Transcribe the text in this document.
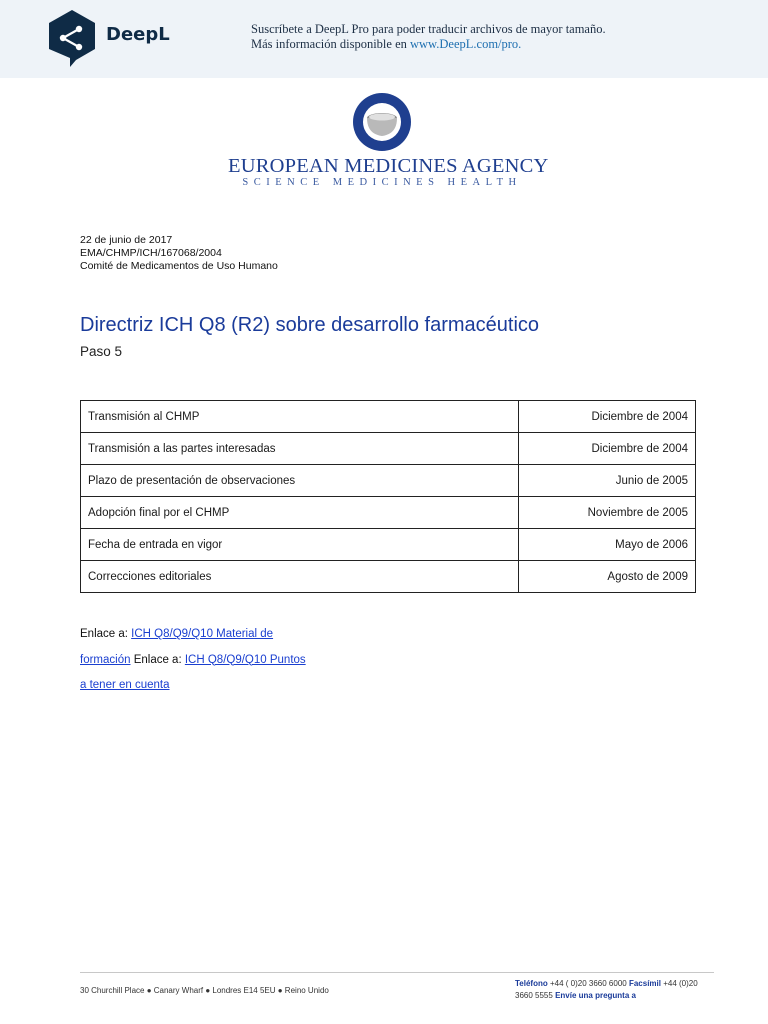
DeepL	Suscríbete a DeepL Pro para poder traducir archivos de mayor tamaño.
Más información disponible en www.DeepL.com/pro.
EUROPEAN MEDICINES AGENCY
SCIENCE MEDICINES HEALTH
22 de junio de 2017
EMA/CHMP/ICH/167068/2004
Comité de Medicamentos de Uso Humano
Directriz ICH Q8 (R2) sobre desarrollo farmacéutico
Paso 5
Transmisión al CHMP	Diciembre de 2004
Transmisión a las partes interesadas	Diciembre de 2004
Plazo de presentación de observaciones	Junio de 2005
Adopción final por el CHMP	Noviembre de 2005
Fecha de entrada en vigor	Mayo de 2006
Correcciones editoriales	Agosto de 2009
Enlace a: ICH Q8/Q9/Q10 Material de
formación Enlace a: ICH Q8/Q9/Q10 Puntos
a tener en cuenta
30 Churchill Place ● Canary Wharf ● Londres E14 5EU ● Reino Unido
Teléfono +44 ( 0)20 3660 6000 Facsímil +44 (0)20 3660 5555 Envíe una pregunta a
